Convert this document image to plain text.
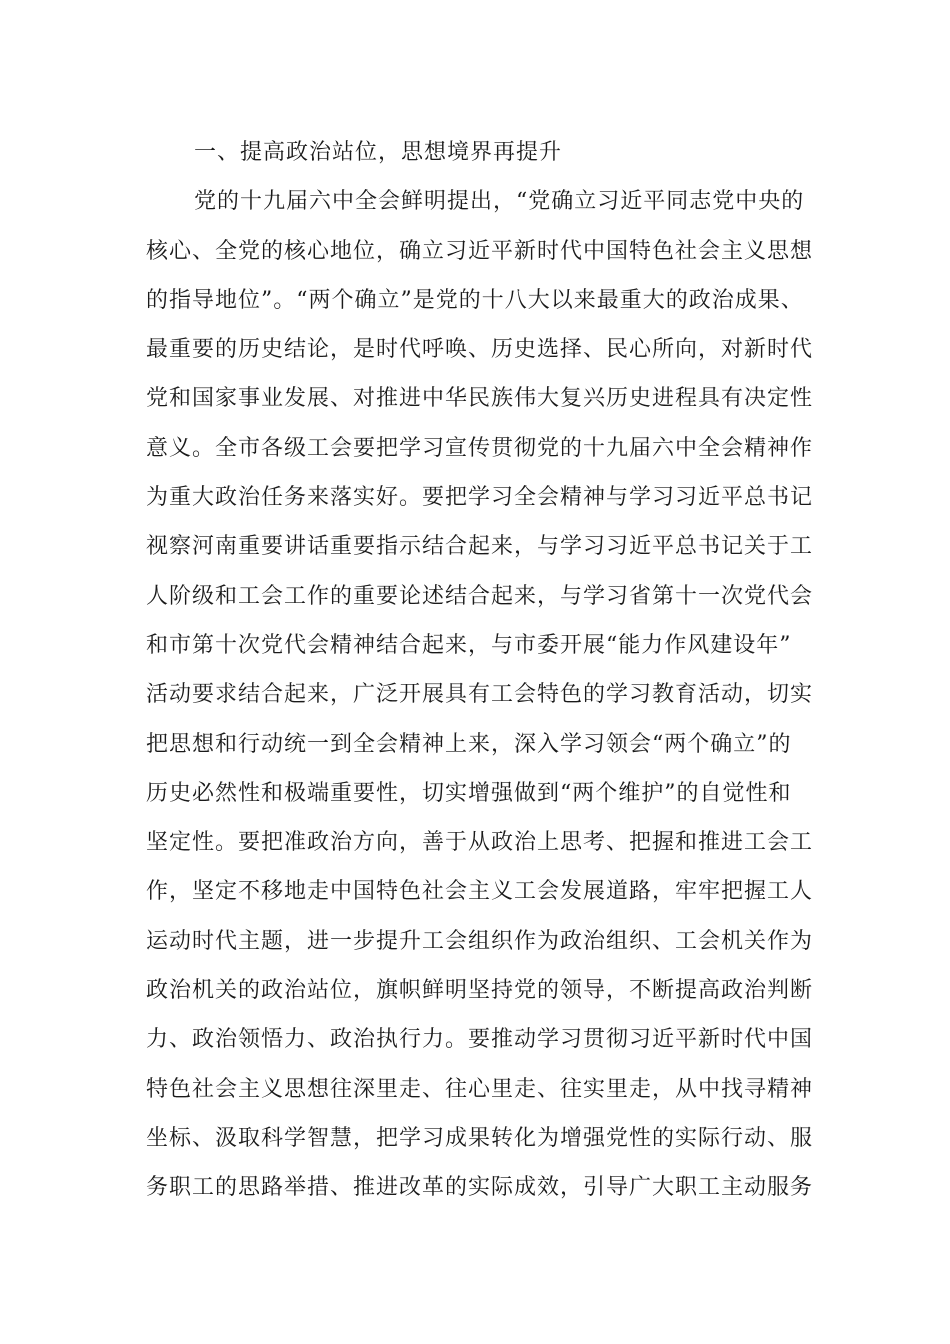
一、提高政治站位，思想境界再提升
党的十九届六中全会鲜明提出，“党确立习近平同志党中央的
核心、全党的核心地位，确立习近平新时代中国特色社会主义思想
的指导地位”。“两个确立”是党的十八大以来最重大的政治成果、
最重要的历史结论，是时代呼唤、历史选择、民心所向，对新时代
党和国家事业发展、对推进中华民族伟大复兴历史进程具有决定性
意义。全市各级工会要把学习宣传贯彻党的十九届六中全会精神作
为重大政治任务来落实好。要把学习全会精神与学习习近平总书记
视察河南重要讲话重要指示结合起来，与学习习近平总书记关于工
人阶级和工会工作的重要论述结合起来，与学习省第十一次党代会
和市第十次党代会精神结合起来，与市委开展“能力作风建设年”
活动要求结合起来，广泛开展具有工会特色的学习教育活动，切实
把思想和行动统一到全会精神上来，深入学习领会“两个确立”的
历史必然性和极端重要性，切实增强做到“两个维护”的自觉性和
坚定性。要把准政治方向，善于从政治上思考、把握和推进工会工
作，坚定不移地走中国特色社会主义工会发展道路，牢牢把握工人
运动时代主题，进一步提升工会组织作为政治组织、工会机关作为
政治机关的政治站位，旗帜鲜明坚持党的领导，不断提高政治判断
力、政治领悟力、政治执行力。要推动学习贯彻习近平新时代中国
特色社会主义思想往深里走、往心里走、往实里走，从中找寻精神
坐标、汲取科学智慧，把学习成果转化为增强党性的实际行动、服
务职工的思路举措、推进改革的实际成效，引导广大职工主动服务
